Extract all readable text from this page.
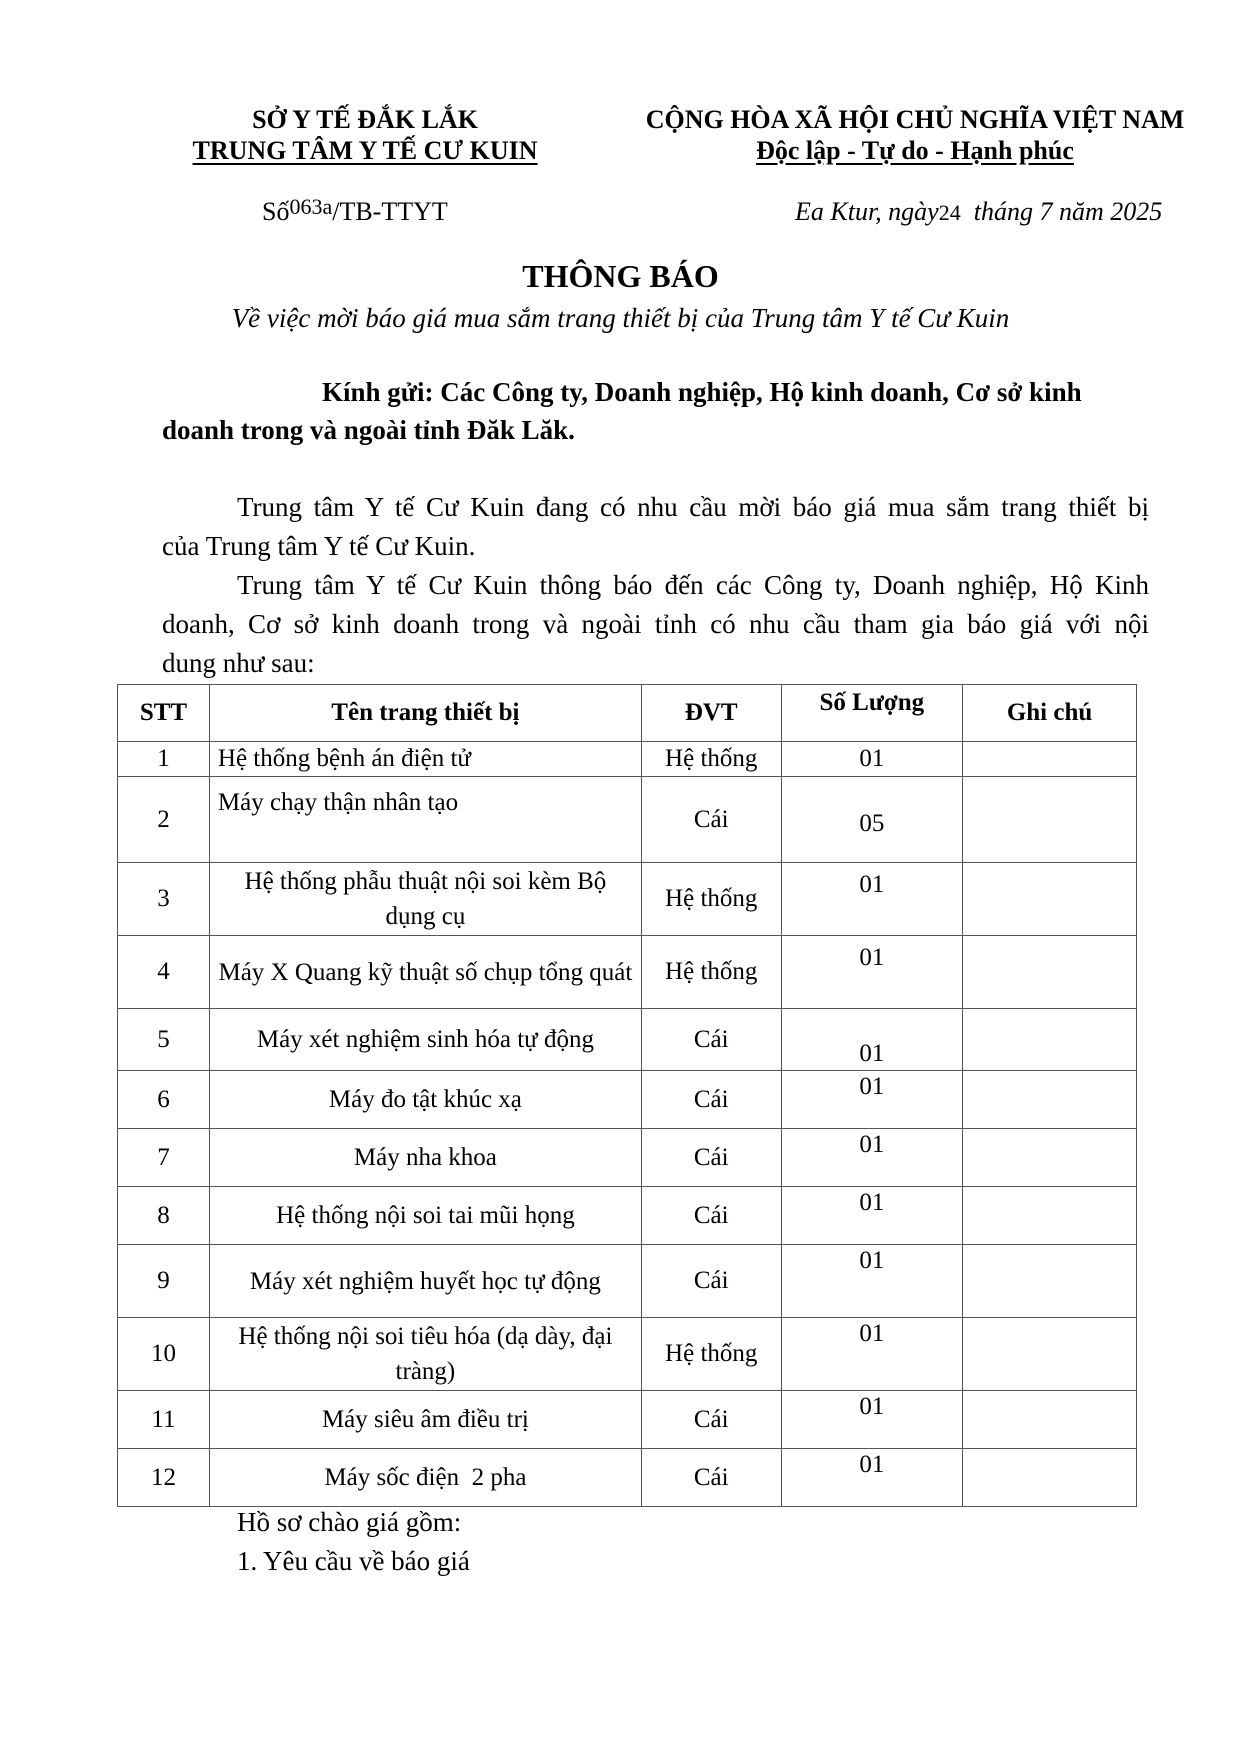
SỞ Y TẾ ĐẮK LẮK
TRUNG TÂM Y TẾ CƯ KUIN
CỘNG HÒA XÃ HỘI CHỦ NGHĨA VIỆT NAM
Độc lập - Tự do - Hạnh phúc
Số$^{063a}$/TB-TTYT	Ea Ktur, ngày24 tháng 7 năm 2025
THÔNG BÁO
Về việc mời báo giá mua sắm trang thiết bị của Trung tâm Y tế Cư Kuin
Kính gửi: Các Công ty, Doanh nghiệp, Hộ kinh doanh, Cơ sở kinh
doanh trong và ngoài tỉnh Đăk Lăk.
Trung tâm Y tế Cư Kuin đang có nhu cầu mời báo giá mua sắm trang thiết bị
của Trung tâm Y tế Cư Kuin.
Trung tâm Y tế Cư Kuin thông báo đến các Công ty, Doanh nghiệp, Hộ Kinh
doanh, Cơ sở kinh doanh trong và ngoài tỉnh có nhu cầu tham gia báo giá với nội
dung như sau:
STT	Tên trang thiết bị	ĐVT	Số Lượng	Ghi chú
1	Hệ thống bệnh án điện tử	Hệ thống	01	
2	Máy chạy thận nhân tạo	Cái	05	
3	Hệ thống phẫu thuật nội soi kèm Bộ dụng cụ	Hệ thống	01	
4	Máy X Quang kỹ thuật số chụp tổng quát	Hệ thống	01	
5	Máy xét nghiệm sinh hóa tự động	Cái	01	
6	Máy đo tật khúc xạ	Cái	01	
7	Máy nha khoa	Cái	01	
8	Hệ thống nội soi tai mũi họng	Cái	01	
9	Máy xét nghiệm huyết học tự động	Cái	01	
10	Hệ thống nội soi tiêu hóa (dạ dày, đại tràng)	Hệ thống	01	
11	Máy siêu âm điều trị	Cái	01	
12	Máy sốc điện  2 pha	Cái	01	
Hồ sơ chào giá gồm:
1. Yêu cầu về báo giá
